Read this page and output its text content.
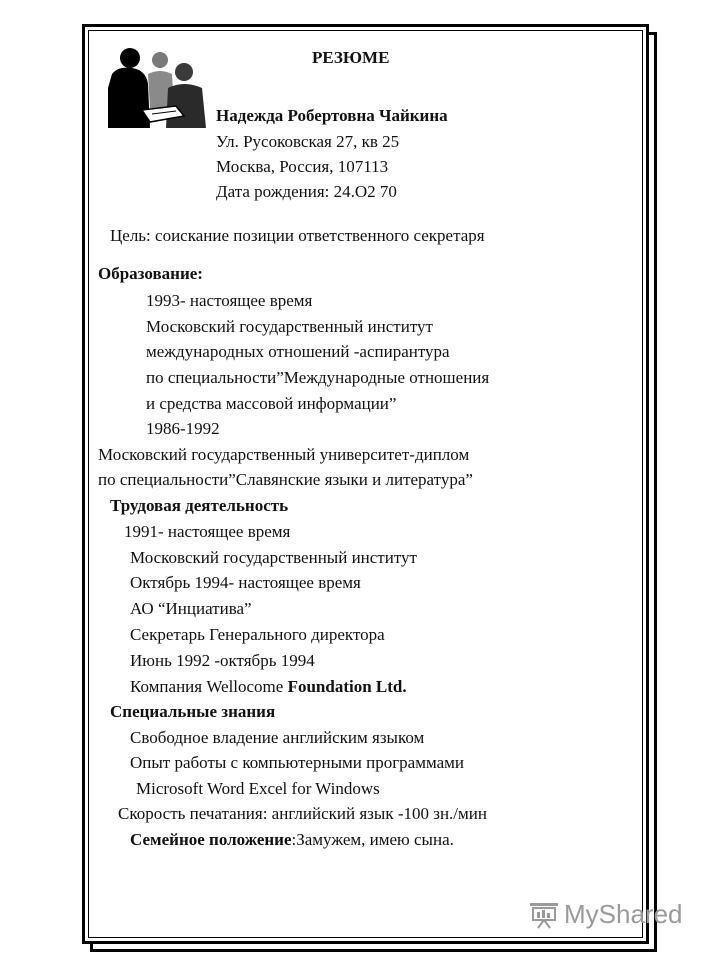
РЕЗЮМЕ
Надежда Робертовна Чайкина
Ул. Русоковская 27, кв 25
Москва, Россия, 107113
Дата рождения: 24.О2 70
Цель: соискание позиции ответственного секретаря
Образование:
1993- настоящее время
Московский государственный институт
международных отношений -аспирантура
по специальности”Международные отношения
и средства массовой информации”
1986-1992
Московский государственный университет-диплом
по специальности”Славянские языки и литература”
Трудовая деятельность
1991- настоящее время
Московский государственный институт
Октябрь 1994- настоящее время
АО “Инциатива”
Секретарь Генерального директора
Июнь 1992 -октябрь 1994
Компания Wellocome Foundation Ltd.
Специальные знания
Свободное владение английским языком
Опыт работы с компьютерными программами
Microsoft Word Excel for Windows
Скорость печатания: английский язык -100 зн./мин
Семейное положение:Замужем, имею сына.
MyShared
